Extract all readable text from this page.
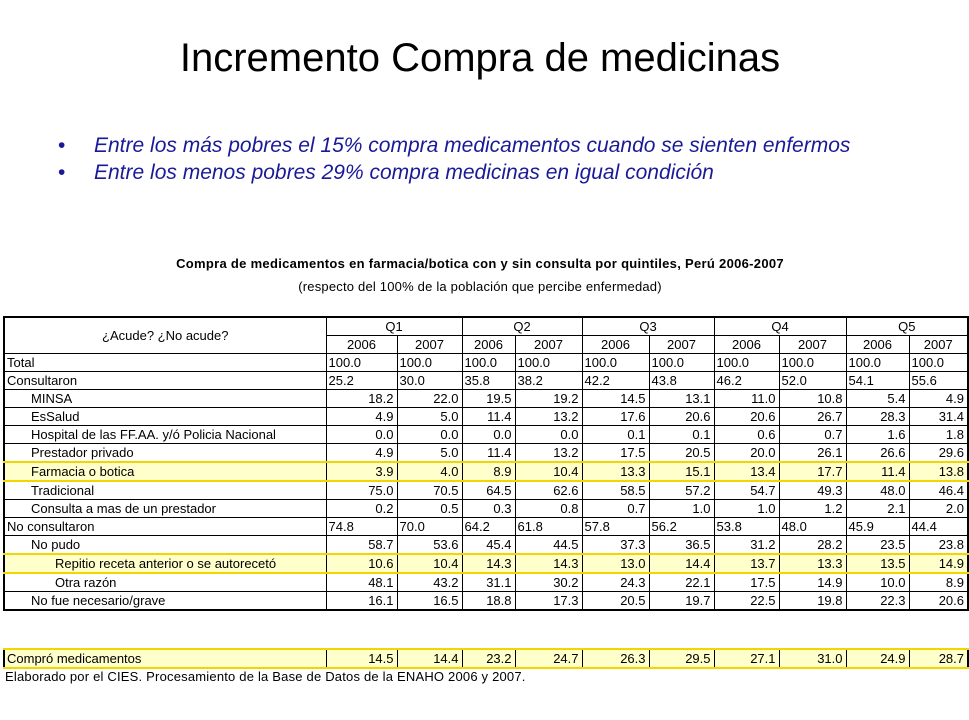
Incremento Compra de medicinas
• Entre los más pobres el 15% compra medicamentos cuando se sienten enfermos
• Entre los menos pobres 29% compra medicinas en igual condición
Compra de medicamentos en farmacia/botica con y sin consulta por quintiles, Perú 2006-2007
(respecto del 100% de la población que percibe enfermedad)
¿Acude? ¿No acude?	Q1		Q2		Q3		Q4		Q5	
	2006	2007	2006	2007	2006	2007	2006	2007	2006	2007
Total	100.0	100.0	100.0	100.0	100.0	100.0	100.0	100.0	100.0	100.0
Consultaron	25.2	30.0	35.8	38.2	42.2	43.8	46.2	52.0	54.1	55.6
MINSA	18.2	22.0	19.5	19.2	14.5	13.1	11.0	10.8	5.4	4.9
EsSalud	4.9	5.0	11.4	13.2	17.6	20.6	20.6	26.7	28.3	31.4
Hospital de las FF.AA. y/ó Policia Nacional	0.0	0.0	0.0	0.0	0.1	0.1	0.6	0.7	1.6	1.8
Prestador privado	4.9	5.0	11.4	13.2	17.5	20.5	20.0	26.1	26.6	29.6
Farmacia o botica	3.9	4.0	8.9	10.4	13.3	15.1	13.4	17.7	11.4	13.8
Tradicional	75.0	70.5	64.5	62.6	58.5	57.2	54.7	49.3	48.0	46.4
Consulta a mas de un prestador	0.2	0.5	0.3	0.8	0.7	1.0	1.0	1.2	2.1	2.0
No consultaron	74.8	70.0	64.2	61.8	57.8	56.2	53.8	48.0	45.9	44.4
No pudo	58.7	53.6	45.4	44.5	37.3	36.5	31.2	28.2	23.5	23.8
Repitio receta anterior o se autorecetó	10.6	10.4	14.3	14.3	13.0	14.4	13.7	13.3	13.5	14.9
Otra razón	48.1	43.2	31.1	30.2	24.3	22.1	17.5	14.9	10.0	8.9
No fue necesario/grave	16.1	16.5	18.8	17.3	20.5	19.7	22.5	19.8	22.3	20.6
Compró medicamentos	14.5	14.4	23.2	24.7	26.3	29.5	27.1	31.0	24.9	28.7
Elaborado por el CIES. Procesamiento de la Base de Datos de la ENAHO 2006 y 2007.
